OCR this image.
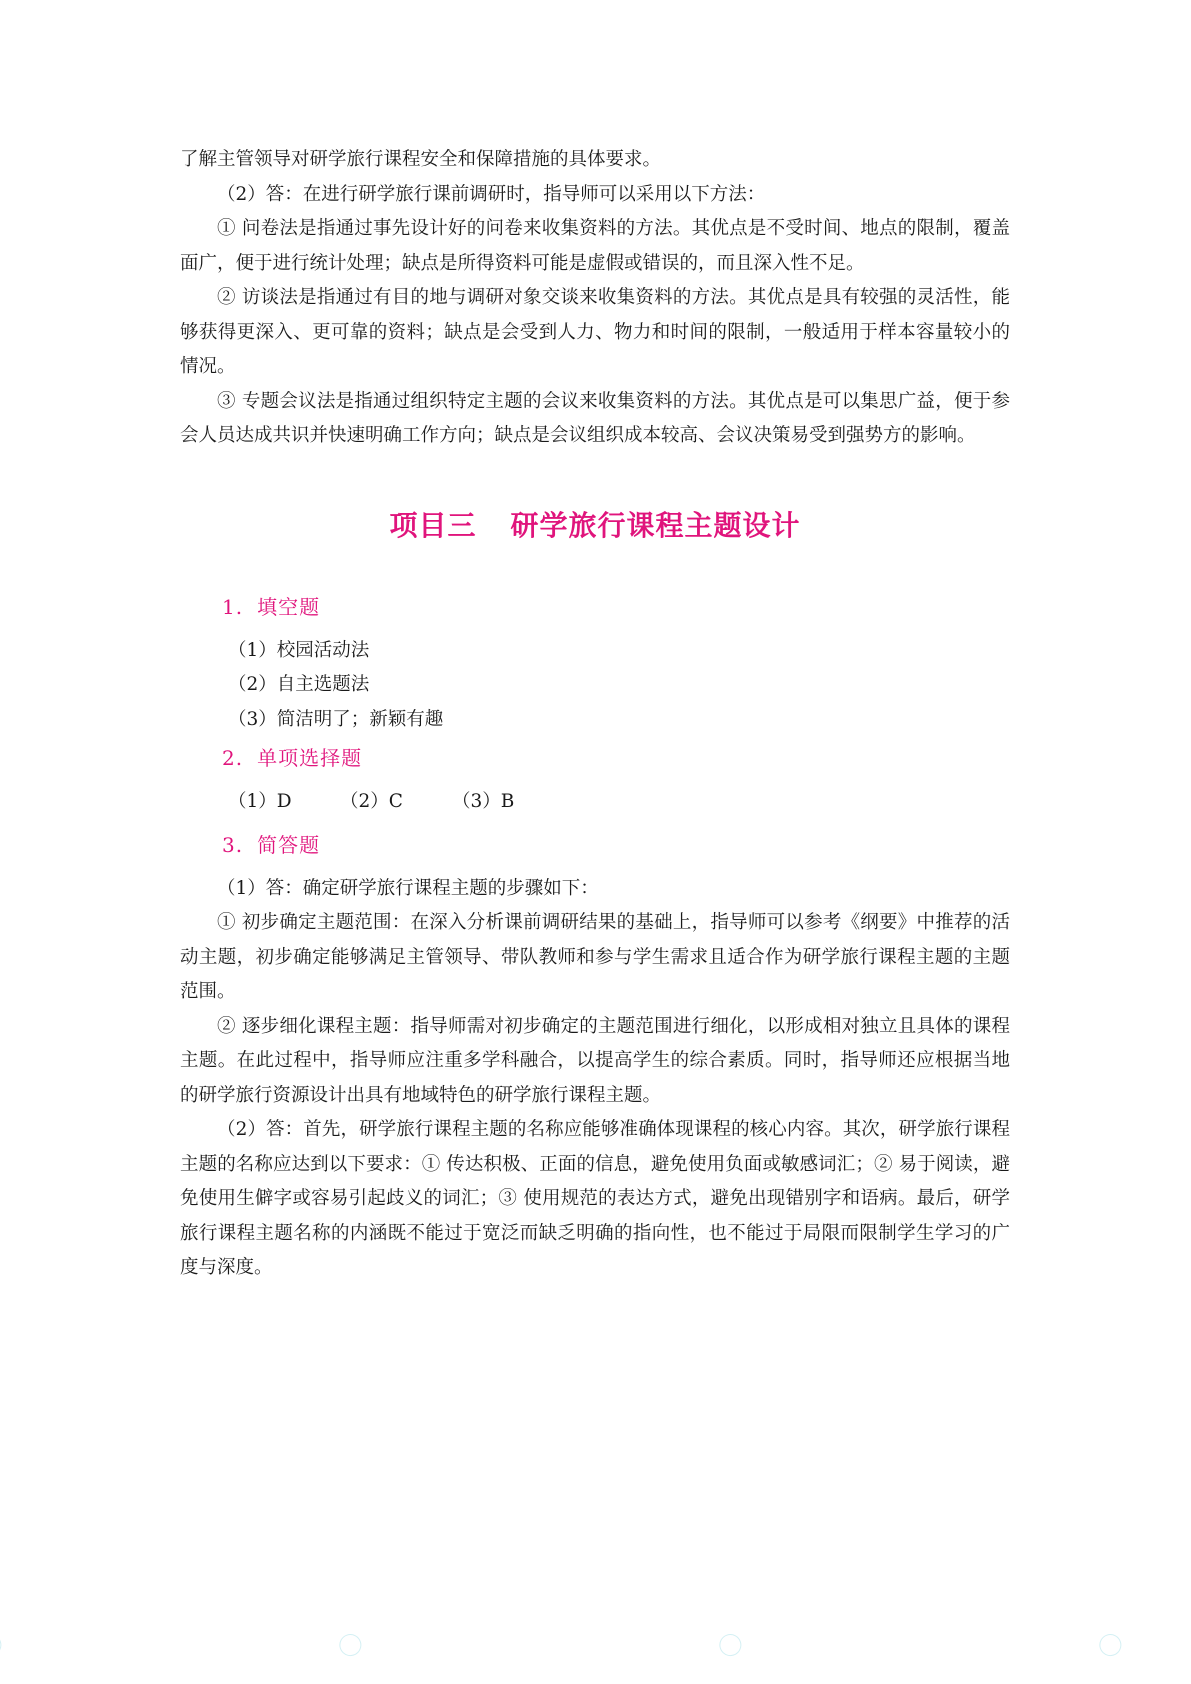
了解主管领导对研学旅行课程安全和保障措施的具体要求。

（2）答：在进行研学旅行课前调研时，指导师可以采用以下方法：

① 问卷法是指通过事先设计好的问卷来收集资料的方法。其优点是不受时间、地点的限制，覆盖面广，便于进行统计处理；缺点是所得资料可能是虚假或错误的，而且深入性不足。

② 访谈法是指通过有目的地与调研对象交谈来收集资料的方法。其优点是具有较强的灵活性，能够获得更深入、更可靠的资料；缺点是会受到人力、物力和时间的限制，一般适用于样本容量较小的情况。

③ 专题会议法是指通过组织特定主题的会议来收集资料的方法。其优点是可以集思广益，便于参会人员达成共识并快速明确工作方向；缺点是会议组织成本较高、会议决策易受到强势方的影响。

项目三 研学旅行课程主题设计
1. 填空题

（1）校园活动法

（2）自主选题法

（3）简洁明了；新颖有趣

2. 单项选择题
（1）D	（2）C	（3）B
3. 简答题

（1）答：确定研学旅行课程主题的步骤如下：

① 初步确定主题范围：在深入分析课前调研结果的基础上，指导师可以参考《纲要》中推荐的活动主题，初步确定能够满足主管领导、带队教师和参与学生需求且适合作为研学旅行课程主题的主题范围。

② 逐步细化课程主题：指导师需对初步确定的主题范围进行细化，以形成相对独立且具体的课程主题。在此过程中，指导师应注重多学科融合，以提高学生的综合素质。同时，指导师还应根据当地的研学旅行资源设计出具有地域特色的研学旅行课程主题。

（2）答：首先，研学旅行课程主题的名称应能够准确体现课程的核心内容。其次，研学旅行课程主题的名称应达到以下要求：① 传达积极、正面的信息，避免使用负面或敏感词汇；② 易于阅读，避免使用生僻字或容易引起歧义的词汇；③ 使用规范的表达方式，避免出现错别字和语病。最后，研学旅行课程主题名称的内涵既不能过于宽泛而缺乏明确的指向性，也不能过于局限而限制学生学习的广度与深度。

​	​	​
